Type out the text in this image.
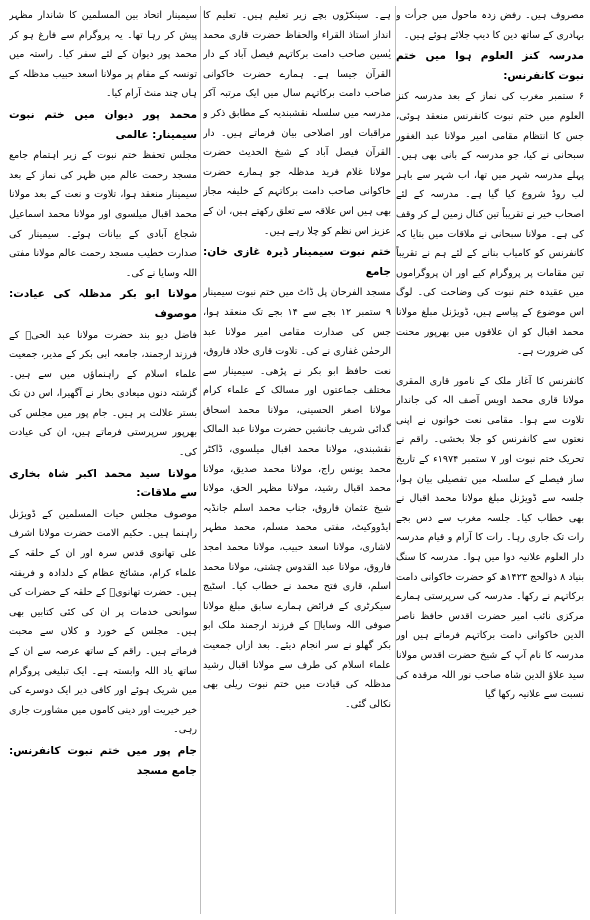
مصروف ہیں۔ رفض زدہ ماحول میں جرأت و بہادری کے ساتھ دین کا دیپ جلائے ہوئے ہیں۔

مدرسہ کنز العلوم ہوا میں ختم نبوت کانفرنس:

۶ ستمبر مغرب کی نماز کے بعد مدرسہ کنز العلوم میں ختم نبوت کانفرنس منعقد ہوئی، جس کا انتظام مقامی امیر مولانا عبد الغفور سبحانی نے کیا، جو مدرسہ کے بانی بھی ہیں۔ پہلے مدرسہ شہر میں تھا، اب شہر سے باہر لب روڈ شروع کیا گیا ہے۔ مدرسہ کے لئے اصحاب خیر نے تقریباً تین کنال زمین لے کر وقف کی ہے۔ مولانا سبحانی نے ملاقات میں بتایا کہ کانفرنس کو کامیاب بنانے کے لئے ہم نے تقریباً تین مقامات پر پروگرام کیے اور ان پروگراموں میں عقیدہ ختم نبوت کی وضاحت کی۔ لوگ اس موضوع کے پیاسے ہیں، ڈویژنل مبلغ مولانا محمد اقبال کو ان علاقوں میں بھرپور محنت کی ضرورت ہے۔

کانفرنس کا آغاز ملک کے نامور قاری المقری مولانا قاری محمد اویس آصف الہ کی جاندار تلاوت سے ہوا۔ مقامی نعت خوانوں نے اپنی نعتوں سے کانفرنس کو جلا بخشی۔ راقم نے تحریک ختم نبوت اور ۷ ستمبر ۱۹۷۴ء کے تاریخ ساز فیصلے کے سلسلہ میں تفصیلی بیان ہوا، جلسہ سے ڈویژنل مبلغ مولانا محمد اقبال نے بھی خطاب کیا۔ جلسہ مغرب سے دس بجے رات تک جاری رہا۔ رات کا آرام و قیام مدرسہ دار العلوم علانیہ دوا میں ہوا۔ مدرسہ کا سنگ بنیاد ۸ ذوالحج ۱۴۲۳ھ کو حضرت خاکوانی دامت برکاتہم نے رکھا۔ مدرسہ کی سرپرستی ہمارے مرکزی نائب امیر حضرت اقدس حافظ ناصر الدین خاکوانی دامت برکاتہم فرماتے ہیں اور مدرسہ کا نام آپ کے شیخ حضرت اقدس مولانا سید علاؤ الدین شاہ صاحب نور اللہ مرقدہ کی نسبت سے علانیہ رکھا گیا

ہے۔ سینکڑوں بچے زیر تعلیم ہیں۔ تعلیم کا انداز استاذ القراء والحفاظ حضرت قاری محمد یٰسین صاحب دامت برکاتہم فیصل آباد کے دار القرآن جیسا ہے۔ ہمارے حضرت خاکوانی صاحب دامت برکاتہم سال میں ایک مرتبہ آکر مدرسہ میں سلسلہ نقشبندیہ کے مطابق ذکر و مراقبات اور اصلاحی بیان فرماتے ہیں۔ دار القرآن فیصل آباد کے شیخ الحدیث حضرت مولانا غلام فرید مدظلہ جو ہمارے حضرت خاکوانی صاحب دامت برکاتہم کے خلیفہ مجاز بھی ہیں اس علاقہ سے تعلق رکھتے ہیں، ان کے عزیز اس نظم کو چلا رہے ہیں۔

ختم نبوت سیمینار ڈیرہ غازی خان: جامع

مسجد الفرحان پل ڈاٹ میں ختم نبوت سیمینار ۹ ستمبر ۱۲ بجے سے ۱۴ بجے تک منعقد ہوا، جس کی صدارت مقامی امیر مولانا عبد الرحمٰن غفاری نے کی۔ تلاوت قاری خلاد فاروق، نعت حافظ ابو بکر نے پڑھی۔ سیمینار سے مختلف جماعتوں اور مسالک کے علماء کرام مولانا اصغر الحسینی، مولانا محمد اسحاق گدائی شریف جانشین حضرت مولانا عبد المالک نقشبندی، مولانا محمد اقبال میلسوی، ڈاکٹر محمد یونس راج، مولانا محمد صدیق، مولانا محمد اقبال رشید، مولانا مظہر الحق، مولانا شیخ عثمان فاروق، جناب محمد اسلم جانڈیہ ایڈووکیٹ، مفتی محمد مسلم، محمد مطہر لاشاری، مولانا اسعد حبیب، مولانا محمد امجد فاروق، مولانا عبد القدوس چشتی، مولانا محمد اسلم، قاری فتح محمد نے خطاب کیا۔ اسٹیج سیکرٹری کے فرائض ہمارے سابق مبلغ مولانا صوفی اللہ وسایاؒ کے فرزند ارجمند ملک ابو بکر گھلو نے سر انجام دیئے۔ بعد ازاں جمعیت علماء اسلام کی طرف سے مولانا اقبال رشید مدظلہ کی قیادت میں ختم نبوت ریلی بھی نکالی گئی۔

سیمینار اتحاد بین المسلمین کا شاندار مظہر پیش کر رہا تھا۔ یہ پروگرام سے فارغ ہو کر محمد پور دیوان کے لئے سفر کیا۔ راستہ میں تونسہ کے مقام پر مولانا اسعد حبیب مدظلہ کے ہاں چند منٹ آرام کیا۔

محمد پور دیوان میں ختم نبوت سیمینار: عالمی

مجلس تحفظ ختم نبوت کے زیر اہتمام جامع مسجد رحمت عالم میں ظہر کی نماز کے بعد سیمینار منعقد ہوا، تلاوت و نعت کے بعد مولانا محمد اقبال میلسوی اور مولانا محمد اسماعیل شجاع آبادی کے بیانات ہوئے۔ سیمینار کی صدارت خطیب مسجد رحمت عالم مولانا مفتی اللہ وسایا نے کی۔

مولانا ابو بکر مدظلہ کی عیادت: موصوف

فاضل دیو بند حضرت مولانا عبد الحیؒ کے فرزند ارجمند، جامعہ ابی بکر کے مدیر، جمعیت علماء اسلام کے راہنماؤں میں سے ہیں۔ گزشتہ دنوں میعادی بخار نے آگھیرا، اس دن تک بستر علالت پر ہیں۔ جام پور میں مجلس کی بھرپور سرپرستی فرماتے ہیں، ان کی عیادت کی۔

مولانا سید محمد اکبر شاہ بخاری سے ملاقات:

موصوف مجلس حیات المسلمین کے ڈویژنل راہنما ہیں۔ حکیم الامت حضرت مولانا اشرف علی تھانوی قدس سرہ اور ان کے حلقہ کے علماء کرام، مشائخ عظام کے دلدادہ و فریفتہ ہیں۔ حضرت تھانویؒ کے حلقہ کے حضرات کی سوانحی خدمات پر ان کی کئی کتابیں بھی ہیں۔ مجلس کے خورد و کلاں سے محبت فرماتے ہیں۔ راقم کے ساتھ عرصہ سے ان کے ساتھ یاد اللہ وابستہ ہے۔ ایک تبلیغی پروگرام میں شریک ہوئے اور کافی دیر ایک دوسرے کی خیر خیریت اور دینی کاموں میں مشاورت جاری رہی۔

جام پور میں ختم نبوت کانفرنس: جامع مسجد
